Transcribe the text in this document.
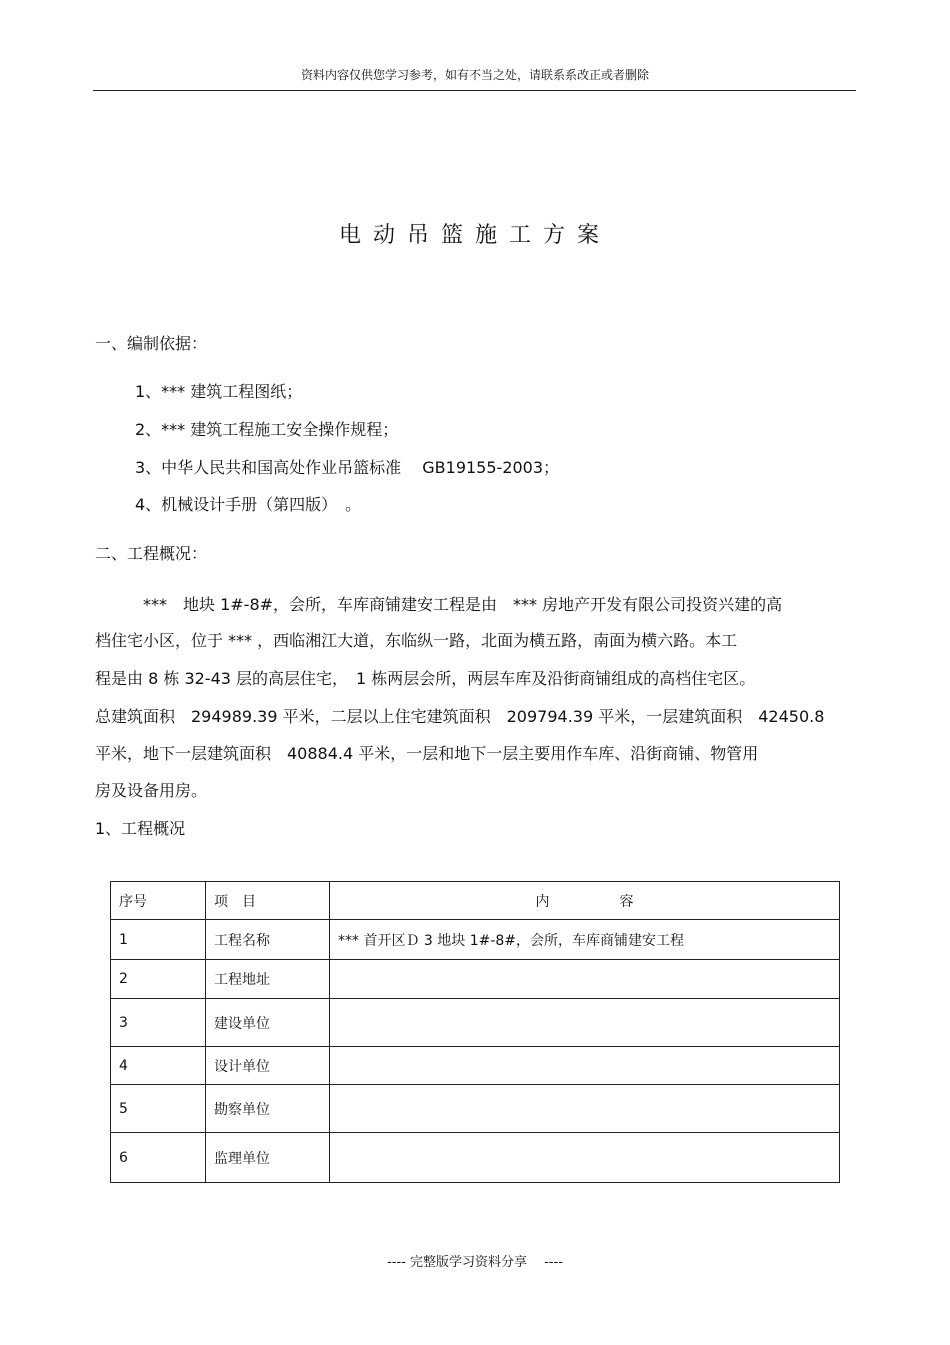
资料内容仅供您学习参考，如有不当之处，请联系系改正或者删除
电动吊篮施工方案
一、编制依据：
1、*** 建筑工程图纸；
2、*** 建筑工程施工安全操作规程；
3、中华人民共和国高处作业吊篮标准　 GB19155-2003；
4、机械设计手册（第四版）　。
二、工程概况：
***　地块 1#-8#，会所，车库商铺建安工程是由　*** 房地产开发有限公司投资兴建的高
档住宅小区，位于 *** ，西临湘江大道，东临纵一路，北面为横五路，南面为横六路。本工
程是由 8 栋 32-43 层的高层住宅，　1 栋两层会所，两层车库及沿街商铺组成的高档住宅区。
总建筑面积　294989.39 平米，二层以上住宅建筑面积　209794.39 平米，一层建筑面积　42450.8
平米，地下一层建筑面积　40884.4 平米，一层和地下一层主要用作车库、沿街商铺、物管用
房及设备用房。
1、工程概况
序号	项　目	内　　　　　容
1	工程名称	*** 首开区Ｄ 3 地块 1#-8#，会所，车库商铺建安工程
2	工程地址	
3	建设单位	
4	设计单位	
5	勘察单位	
6	监理单位	
---- 完整版学习资料分享　 ----
